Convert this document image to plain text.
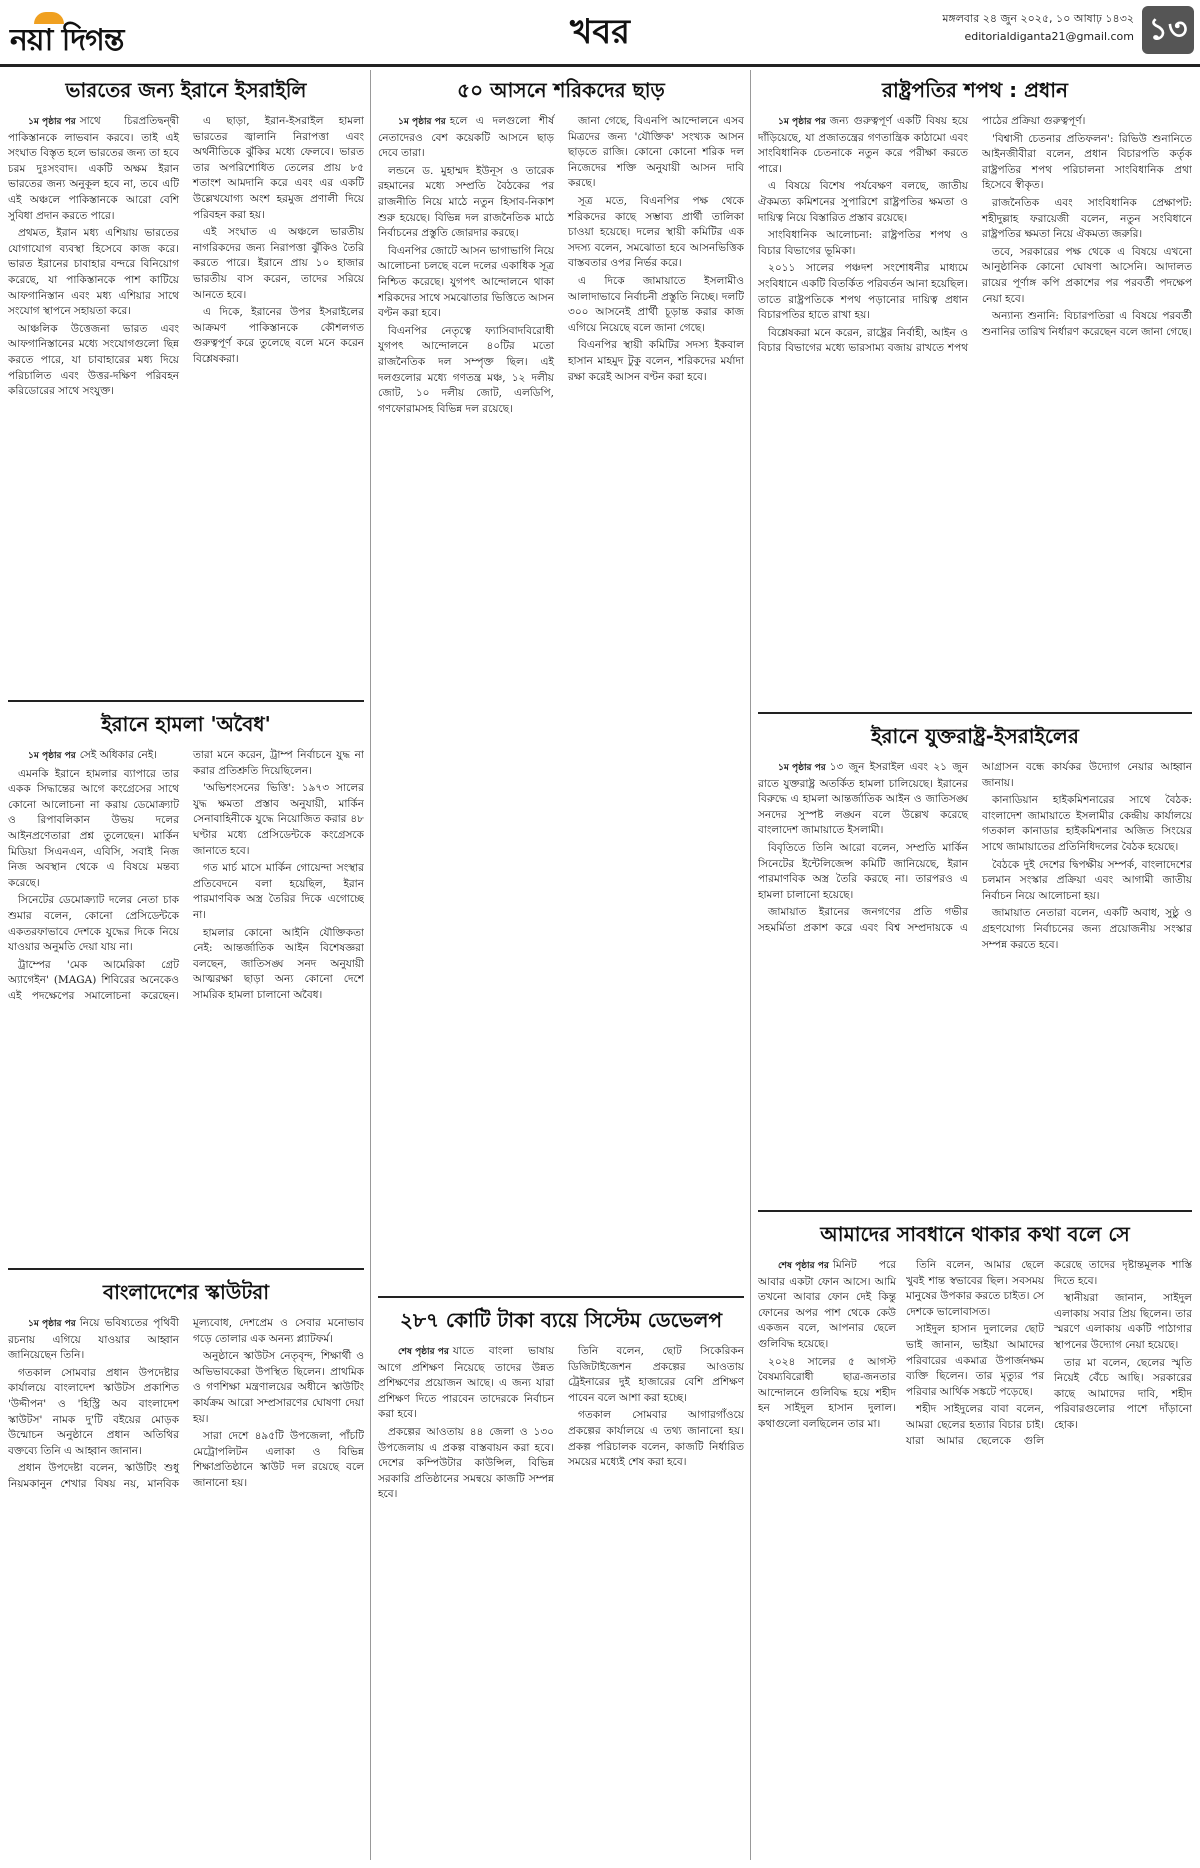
নয়া দিগন্ত	খবর	মঙ্গলবার ২৪ জুন ২০২৫, ১০ আষাঢ় ১৪৩২
editorialdiganta21@gmail.com ১৩
ভারতের জন্য ইরানে ইসরাইলি

১ম পৃষ্ঠার পর সাথে চিরপ্রতিদ্বন্দ্বী পাকিস্তানকে লাভবান করবে। তাই এই সংঘাত বিস্তৃত হলে ভারতের জন্য তা হবে চরম দুঃসংবাদ। একটি অক্ষম ইরান ভারতের জন্য অনুকূল হবে না, তবে এটি এই অঞ্চলে পাকিস্তানকে আরো বেশি সুবিধা প্রদান করতে পারে।

প্রথমত, ইরান মধ্য এশিয়ায় ভারতের যোগাযোগ ব্যবস্থা হিসেবে কাজ করে। ভারত ইরানের চাবাহার বন্দরে বিনিয়োগ করেছে, যা পাকিস্তানকে পাশ কাটিয়ে আফগানিস্তান এবং মধ্য এশিয়ার সাথে সংযোগ স্থাপনে সহায়তা করে।

আঞ্চলিক উত্তেজনা ভারত এবং আফগানিস্তানের মধ্যে সংযোগগুলো ছিন্ন করতে পারে, যা চাবাহারের মধ্য দিয়ে পরিচালিত এবং উত্তর-দক্ষিণ পরিবহন করিডোরের সাথে সংযুক্ত।

এ ছাড়া, ইরান-ইসরাইল হামলা ভারতের জ্বালানি নিরাপত্তা এবং অর্থনীতিকে ঝুঁকির মধ্যে ফেলবে। ভারত তার অপরিশোধিত তেলের প্রায় ৮৫ শতাংশ আমদানি করে এবং এর একটি উল্লেখযোগ্য অংশ হরমুজ প্রণালী দিয়ে পরিবহন করা হয়।

এই সংঘাত এ অঞ্চলে ভারতীয় নাগরিকদের জন্য নিরাপত্তা ঝুঁকিও তৈরি করতে পারে। ইরানে প্রায় ১০ হাজার ভারতীয় বাস করেন, তাদের সরিয়ে আনতে হবে।

এ দিকে, ইরানের উপর ইসরাইলের আক্রমণ পাকিস্তানকে কৌশলগত গুরুত্বপূর্ণ করে তুলেছে বলে মনে করেন বিশ্লেষকরা।

ইরানে হামলা 'অবৈধ'

১ম পৃষ্ঠার পর সেই অধিকার নেই।

এমনকি ইরানে হামলার ব্যাপারে তার একক সিদ্ধান্তের আগে কংগ্রেসের সাথে কোনো আলোচনা না করায় ডেমোক্র্যাট ও রিপাবলিকান উভয় দলের আইনপ্রণেতারা প্রশ্ন তুলেছেন। মার্কিন মিডিয়া সিএনএন, এবিসি, সবাই নিজ নিজ অবস্থান থেকে এ বিষয়ে মন্তব্য করেছে।

সিনেটের ডেমোক্র্যাট দলের নেতা চাক শুমার বলেন, কোনো প্রেসিডেন্টকে একতরফাভাবে দেশকে যুদ্ধের দিকে নিয়ে যাওয়ার অনুমতি দেয়া যায় না।

ট্রাম্পের 'মেক আমেরিকা গ্রেট অ্যাগেইন' (MAGA) শিবিরের অনেকেও এই পদক্ষেপের সমালোচনা করেছেন। তারা মনে করেন, ট্রাম্প নির্বাচনে যুদ্ধ না করার প্রতিশ্রুতি দিয়েছিলেন।

'অভিশংসনের ভিত্তি': ১৯৭৩ সালের যুদ্ধ ক্ষমতা প্রস্তাব অনুযায়ী, মার্কিন সেনাবাহিনীকে যুদ্ধে নিয়োজিত করার ৪৮ ঘণ্টার মধ্যে প্রেসিডেন্টকে কংগ্রেসকে জানাতে হবে।

গত মার্চ মাসে মার্কিন গোয়েন্দা সংস্থার প্রতিবেদনে বলা হয়েছিল, ইরান পারমাণবিক অস্ত্র তৈরির দিকে এগোচ্ছে না।

হামলার কোনো আইনি যৌক্তিকতা নেই: আন্তর্জাতিক আইন বিশেষজ্ঞরা বলছেন, জাতিসঙ্ঘ সনদ অনুযায়ী আত্মরক্ষা ছাড়া অন্য কোনো দেশে সামরিক হামলা চালানো অবৈধ।

বাংলাদেশের স্কাউটরা

১ম পৃষ্ঠার পর নিয়ে ভবিষ্যতের পৃথিবী রচনায় এগিয়ে যাওয়ার আহ্বান জানিয়েছেন তিনি।

গতকাল সোমবার প্রধান উপদেষ্টার কার্যালয়ে বাংলাদেশ স্কাউটস প্রকাশিত 'উদ্দীপন' ও 'হিস্ট্রি অব বাংলাদেশ স্কাউটস' নামক দু'টি বইয়ের মোড়ক উন্মোচন অনুষ্ঠানে প্রধান অতিথির বক্তব্যে তিনি এ আহ্বান জানান।

প্রধান উপদেষ্টা বলেন, স্কাউটিং শুধু নিয়মকানুন শেখার বিষয় নয়, মানবিক মূল্যবোধ, দেশপ্রেম ও সেবার মনোভাব গড়ে তোলার এক অনন্য প্ল্যাটফর্ম।

অনুষ্ঠানে স্কাউটস নেতৃবৃন্দ, শিক্ষার্থী ও অভিভাবকেরা উপস্থিত ছিলেন। প্রাথমিক ও গণশিক্ষা মন্ত্রণালয়ের অধীনে স্কাউটিং কার্যক্রম আরো সম্প্রসারণের ঘোষণা দেয়া হয়।

সারা দেশে ৪৯৫টি উপজেলা, পাঁচটি মেট্রোপলিটন এলাকা ও বিভিন্ন শিক্ষাপ্রতিষ্ঠানে স্কাউট দল রয়েছে বলে জানানো হয়।

৫০ আসনে শরিকদের ছাড়

১ম পৃষ্ঠার পর হলে এ দলগুলো শীর্ষ নেতাদেরও বেশ কয়েকটি আসনে ছাড় দেবে তারা।

লন্ডনে ড. মুহাম্মদ ইউনূস ও তারেক রহমানের মধ্যে সম্প্রতি বৈঠকের পর রাজনীতি নিয়ে মাঠে নতুন হিসাব-নিকাশ শুরু হয়েছে। বিভিন্ন দল রাজনৈতিক মাঠে নির্বাচনের প্রস্তুতি জোরদার করছে।

বিএনপির জোটে আসন ভাগাভাগি নিয়ে আলোচনা চলছে বলে দলের একাধিক সূত্র নিশ্চিত করেছে। যুগপৎ আন্দোলনে থাকা শরিকদের সাথে সমঝোতার ভিত্তিতে আসন বণ্টন করা হবে।

বিএনপির নেতৃত্বে ফ্যাসিবাদবিরোধী যুগপৎ আন্দোলনে ৪০টির মতো রাজনৈতিক দল সম্পৃক্ত ছিল। এই দলগুলোর মধ্যে গণতন্ত্র মঞ্চ, ১২ দলীয় জোট, ১০ দলীয় জোট, এলডিপি, গণফোরামসহ বিভিন্ন দল রয়েছে।

জানা গেছে, বিএনপি আন্দোলনে এসব মিত্রদের জন্য 'যৌক্তিক' সংখ্যক আসন ছাড়তে রাজি। কোনো কোনো শরিক দল নিজেদের শক্তি অনুযায়ী আসন দাবি করছে।

সূত্র মতে, বিএনপির পক্ষ থেকে শরিকদের কাছে সম্ভাব্য প্রার্থী তালিকা চাওয়া হয়েছে। দলের স্থায়ী কমিটির এক সদস্য বলেন, সমঝোতা হবে আসনভিত্তিক বাস্তবতার ওপর নির্ভর করে।

এ দিকে জামায়াতে ইসলামীও আলাদাভাবে নির্বাচনী প্রস্তুতি নিচ্ছে। দলটি ৩০০ আসনেই প্রার্থী চূড়ান্ত করার কাজ এগিয়ে নিয়েছে বলে জানা গেছে।

বিএনপির স্থায়ী কমিটির সদস্য ইকবাল হাসান মাহমুদ টুকু বলেন, শরিকদের মর্যাদা রক্ষা করেই আসন বণ্টন করা হবে।

২৮৭ কোটি টাকা ব্যয়ে সিস্টেম ডেভেলপ

শেষ পৃষ্ঠার পর যাতে বাংলা ভাষায় আগে প্রশিক্ষণ নিয়েছে তাদের উন্নত প্রশিক্ষণের প্রয়োজন আছে। এ জন্য যারা প্রশিক্ষণ দিতে পারবেন তাদেরকে নির্বাচন করা হবে।

প্রকল্পের আওতায় ৪৪ জেলা ও ১৩০ উপজেলায় এ প্রকল্প বাস্তবায়ন করা হবে। দেশের কম্পিউটার কাউন্সিল, বিভিন্ন সরকারি প্রতিষ্ঠানের সমন্বয়ে কাজটি সম্পন্ন হবে।

তিনি বলেন, ছোট সিকেরিকন ডিজিটাইজেশন প্রকল্পের আওতায় ট্রেইনারের দুই হাজারের বেশি প্রশিক্ষণ পাবেন বলে আশা করা হচ্ছে।

গতকাল সোমবার আগারগাঁওয়ে প্রকল্পের কার্যালয়ে এ তথ্য জানানো হয়। প্রকল্প পরিচালক বলেন, কাজটি নির্ধারিত সময়ের মধ্যেই শেষ করা হবে।

রাষ্ট্রপতির শপথ : প্রধান

১ম পৃষ্ঠার পর জন্য গুরুত্বপূর্ণ একটি বিষয় হয়ে দাঁড়িয়েছে, যা প্রজাতন্ত্রের গণতান্ত্রিক কাঠামো এবং সাংবিধানিক চেতনাকে নতুন করে পরীক্ষা করতে পারে।

এ বিষয়ে বিশেষ পর্যবেক্ষণ বলছে, জাতীয় ঐকমত্য কমিশনের সুপারিশে রাষ্ট্রপতির ক্ষমতা ও দায়িত্ব নিয়ে বিস্তারিত প্রস্তাব রয়েছে।

সাংবিধানিক আলোচনা: রাষ্ট্রপতির শপথ ও বিচার বিভাগের ভূমিকা।

২০১১ সালের পঞ্চদশ সংশোধনীর মাধ্যমে সংবিধানে একটি বিতর্কিত পরিবর্তন আনা হয়েছিল। তাতে রাষ্ট্রপতিকে শপথ পড়ানোর দায়িত্ব প্রধান বিচারপতির হাতে রাখা হয়।

বিশ্লেষকরা মনে করেন, রাষ্ট্রের নির্বাহী, আইন ও বিচার বিভাগের মধ্যে ভারসাম্য বজায় রাখতে শপথ পাঠের প্রক্রিয়া গুরুত্বপূর্ণ।

'বিশ্বাসী চেতনার প্রতিফলন': রিভিউ শুনানিতে আইনজীবীরা বলেন, প্রধান বিচারপতি কর্তৃক রাষ্ট্রপতির শপথ পরিচালনা সাংবিধানিক প্রথা হিসেবে স্বীকৃত।

রাজনৈতিক এবং সাংবিধানিক প্রেক্ষাপট: শহীদুল্লাহ ফরায়েজী বলেন, নতুন সংবিধানে রাষ্ট্রপতির ক্ষমতা নিয়ে ঐকমত্য জরুরি।

তবে, সরকারের পক্ষ থেকে এ বিষয়ে এখনো আনুষ্ঠানিক কোনো ঘোষণা আসেনি। আদালত রায়ের পূর্ণাঙ্গ কপি প্রকাশের পর পরবর্তী পদক্ষেপ নেয়া হবে।

অন্যান্য শুনানি: বিচারপতিরা এ বিষয়ে পরবর্তী শুনানির তারিখ নির্ধারণ করেছেন বলে জানা গেছে।

ইরানে যুক্তরাষ্ট্র-ইসরাইলের

১ম পৃষ্ঠার পর ১৩ জুন ইসরাইল এবং ২১ জুন রাতে যুক্তরাষ্ট্র অতর্কিত হামলা চালিয়েছে। ইরানের বিরুদ্ধে এ হামলা আন্তর্জাতিক আইন ও জাতিসঙ্ঘ সনদের সুস্পষ্ট লঙ্ঘন বলে উল্লেখ করেছে বাংলাদেশ জামায়াতে ইসলামী।

বিবৃতিতে তিনি আরো বলেন, সম্প্রতি মার্কিন সিনেটের ইন্টেলিজেন্স কমিটি জানিয়েছে, ইরান পারমাণবিক অস্ত্র তৈরি করছে না। তারপরও এ হামলা চালানো হয়েছে।

জামায়াত ইরানের জনগণের প্রতি গভীর সহমর্মিতা প্রকাশ করে এবং বিশ্ব সম্প্রদায়কে এ আগ্রাসন বন্ধে কার্যকর উদ্যোগ নেয়ার আহ্বান জানায়।

কানাডিয়ান হাইকমিশনারের সাথে বৈঠক: বাংলাদেশ জামায়াতে ইসলামীর কেন্দ্রীয় কার্যালয়ে গতকাল কানাডার হাইকমিশনার অজিত সিংয়ের সাথে জামায়াতের প্রতিনিধিদলের বৈঠক হয়েছে।

বৈঠকে দুই দেশের দ্বিপক্ষীয় সম্পর্ক, বাংলাদেশের চলমান সংস্কার প্রক্রিয়া এবং আগামী জাতীয় নির্বাচন নিয়ে আলোচনা হয়।

জামায়াত নেতারা বলেন, একটি অবাধ, সুষ্ঠু ও গ্রহণযোগ্য নির্বাচনের জন্য প্রয়োজনীয় সংস্কার সম্পন্ন করতে হবে।

আমাদের সাবধানে থাকার কথা বলে সে

শেষ পৃষ্ঠার পর মিনিট পরে আবার একটা ফোন আসে। আমি তখনো আবার ফোন দেই কিন্তু ফোনের অপর পাশ থেকে কেউ একজন বলে, আপনার ছেলে গুলিবিদ্ধ হয়েছে।

২০২৪ সালের ৫ আগস্ট বৈষম্যবিরোধী ছাত্র-জনতার আন্দোলনে গুলিবিদ্ধ হয়ে শহীদ হন সাইদুল হাসান দুলাল। কথাগুলো বলছিলেন তার মা।

তিনি বলেন, আমার ছেলে খুবই শান্ত স্বভাবের ছিল। সবসময় মানুষের উপকার করতে চাইত। সে দেশকে ভালোবাসত।

সাইদুল হাসান দুলালের ছোট ভাই জানান, ভাইয়া আমাদের পরিবারের একমাত্র উপার্জনক্ষম ব্যক্তি ছিলেন। তার মৃত্যুর পর পরিবার আর্থিক সঙ্কটে পড়েছে।

শহীদ সাইদুলের বাবা বলেন, আমরা ছেলের হত্যার বিচার চাই। যারা আমার ছেলেকে গুলি করেছে তাদের দৃষ্টান্তমূলক শাস্তি দিতে হবে।

স্থানীয়রা জানান, সাইদুল এলাকায় সবার প্রিয় ছিলেন। তার স্মরণে এলাকায় একটি পাঠাগার স্থাপনের উদ্যোগ নেয়া হয়েছে।

তার মা বলেন, ছেলের স্মৃতি নিয়েই বেঁচে আছি। সরকারের কাছে আমাদের দাবি, শহীদ পরিবারগুলোর পাশে দাঁড়ানো হোক।
